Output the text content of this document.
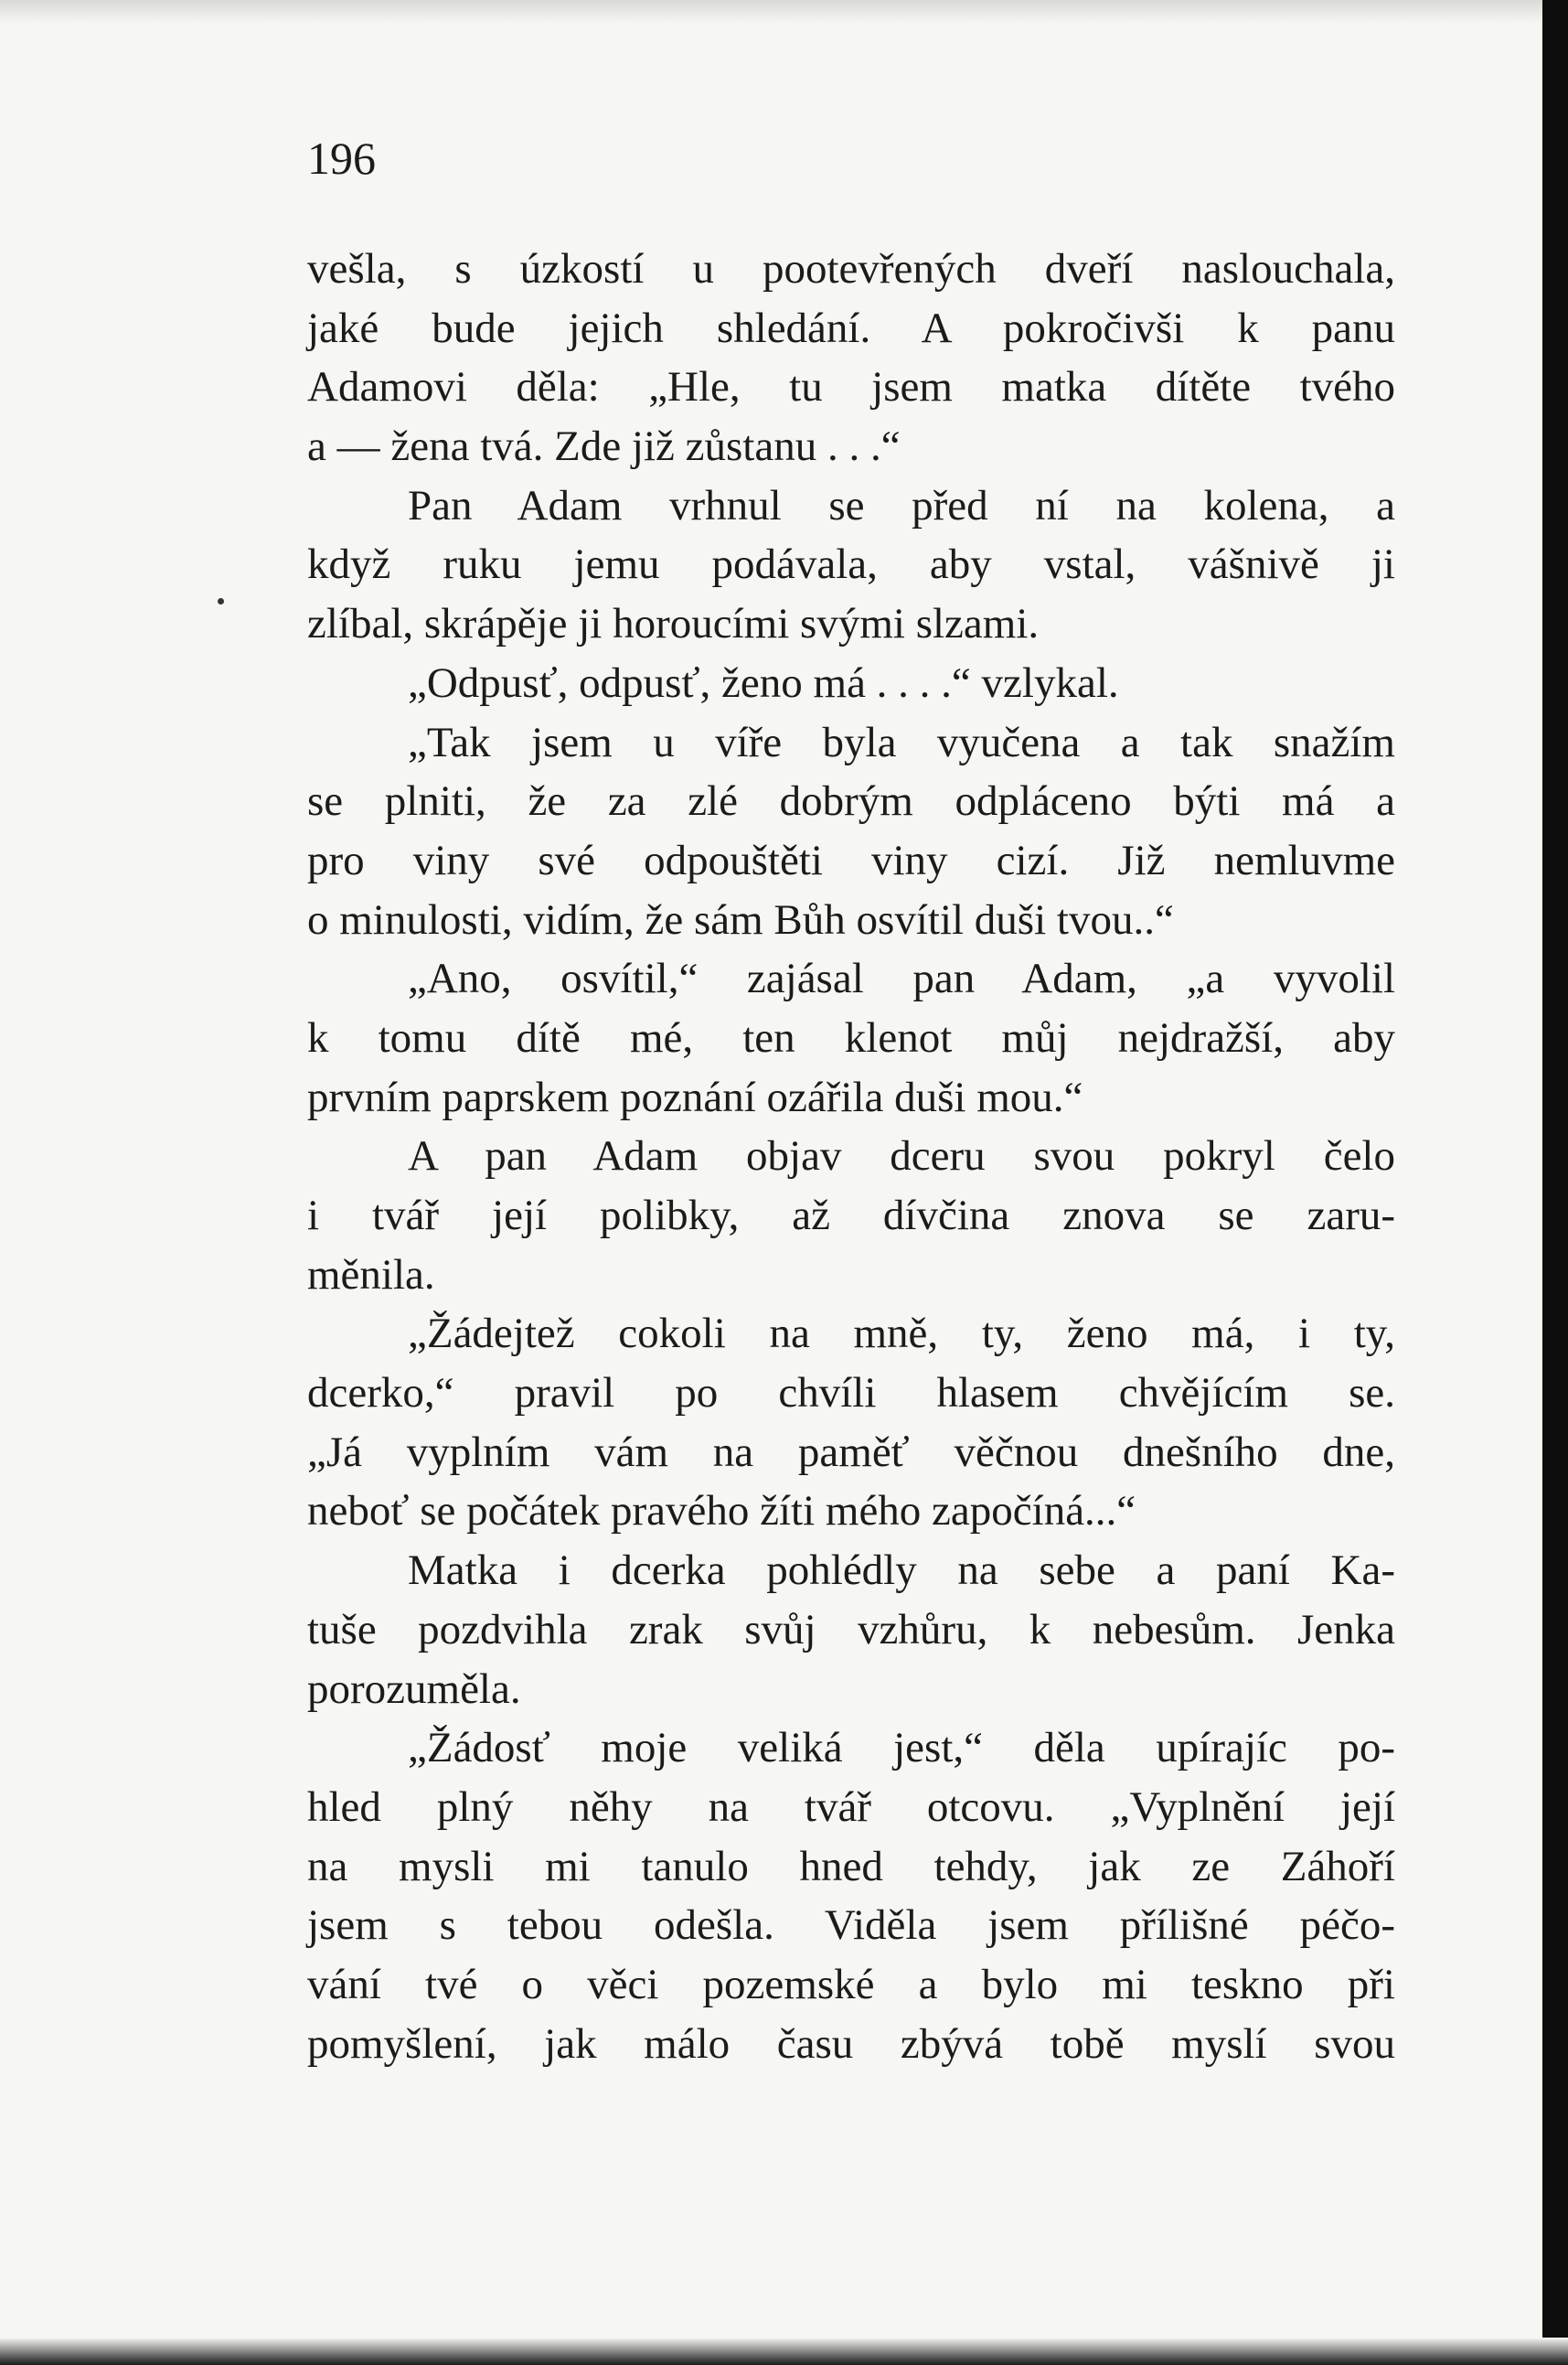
196

vešla, s úzkostí u pootevřených dveří naslouchala,
jaké bude jejich shledání. A pokročivši k panu
Adamovi děla: „Hle, tu jsem matka dítěte tvého
a — žena tvá. Zde již zůstanu . . .“
Pan Adam vrhnul se před ní na kolena, a
když ruku jemu podávala, aby vstal, vášnivě ji
zlíbal, skrápěje ji horoucími svými slzami.
„Odpusť, odpusť, ženo má . . . .“ vzlykal.
„Tak jsem u víře byla vyučena a tak snažím
se plniti, že za zlé dobrým odpláceno býti má a
pro viny své odpouštěti viny cizí. Již nemluvme
o minulosti, vidím, že sám Bůh osvítil duši tvou..“
„Ano, osvítil,“ zajásal pan Adam, „a vyvolil
k tomu dítě mé, ten klenot můj nejdražší, aby
prvním paprskem poznání ozářila duši mou.“
A pan Adam objav dceru svou pokryl čelo
i tvář její polibky, až dívčina znova se zaru-
měnila.
„Žádejtež cokoli na mně, ty, ženo má, i ty,
dcerko,“ pravil po chvíli hlasem chvějícím se.
„Já vyplním vám na paměť věčnou dnešního dne,
neboť se počátek pravého žíti mého započíná...“
Matka i dcerka pohlédly na sebe a paní Ka-
tuše pozdvihla zrak svůj vzhůru, k nebesům. Jenka
porozuměla.
„Žádosť moje veliká jest,“ děla upírajíc po-
hled plný něhy na tvář otcovu. „Vyplnění její
na mysli mi tanulo hned tehdy, jak ze Záhoří
jsem s tebou odešla. Viděla jsem přílišné péčo-
vání tvé o věci pozemské a bylo mi teskno při
pomyšlení, jak málo času zbývá tobě myslí svou
